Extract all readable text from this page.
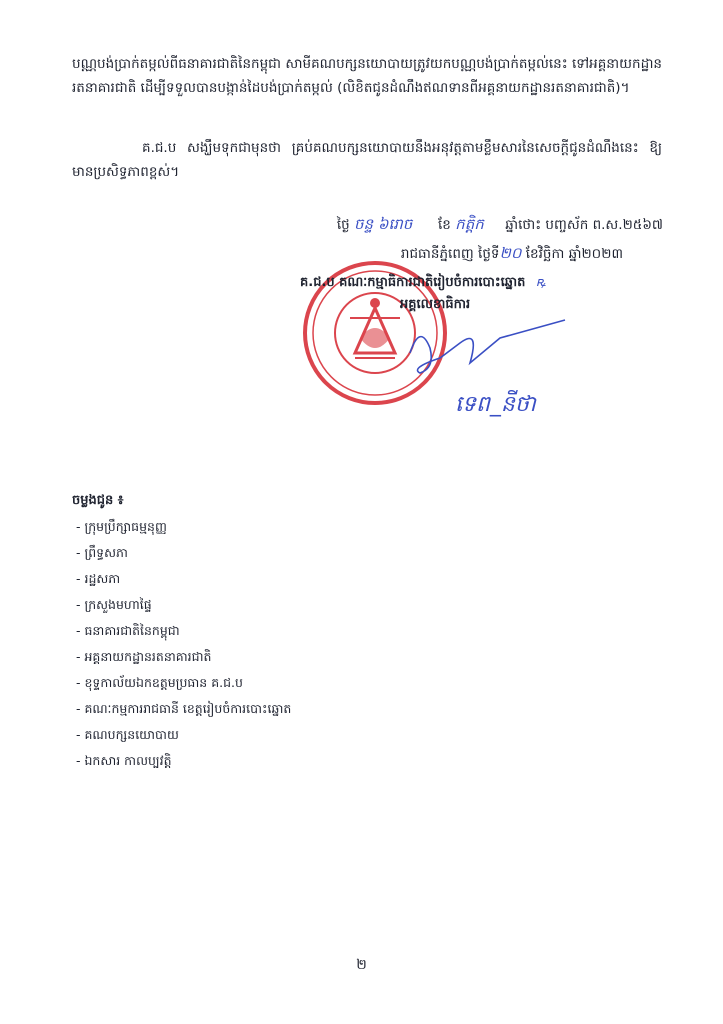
បណ្ណបង់ប្រាក់តម្កល់ពីធនាគារជាតិនៃកម្ពុជា សាមីគណបក្សនយោបាយត្រូវយកបណ្ណបង់ប្រាក់តម្កល់នេះ ទៅអគ្គនាយកដ្ឋានរតនាគារជាតិ ដើម្បីទទួលបានបង្កាន់ដៃបង់ប្រាក់តម្កល់ (លិខិតជូនដំណឹងឥណទានពីអគ្គនាយកដ្ឋានរតនាគារជាតិ)។

គ.ជ.ប សង្ឃឹមទុកជាមុនថា គ្រប់គណបក្សនយោបាយនឹងអនុវត្តតាមខ្លឹមសារនៃសេចក្តីជូនដំណឹងនេះ ឱ្យមានប្រសិទ្ធភាពខ្ពស់។

ថ្ងៃ ចន្ទ ៦រោច ខែ កត្តិក ឆ្នាំថោះ បញ្ចស័ក ព.ស.២៥៦៧
រាជធានីភ្នំពេញ ថ្ងៃទី២០ ខែវិច្ឆិកា ឆ្នាំ២០២៣
គ.ជ.ប គណៈកម្មាធិការជាតិរៀបចំការបោះឆ្នោត ꝶ
អគ្គលេខាធិការ
ទេព_នីថា
ចម្លងជូន ៖
- ក្រុមប្រឹក្សាធម្មនុញ្ញ
- ព្រឹទ្ធសភា
- រដ្ឋសភា
- ក្រសួងមហាផ្ទៃ
- ធនាគារជាតិនៃកម្ពុជា
- អគ្គនាយកដ្ឋានរតនាគារជាតិ
- ខុទ្ទកាល័យឯកឧត្តមប្រធាន គ.ជ.ប
- គណៈកម្មការរាជធានី ខេត្តរៀបចំការបោះឆ្នោត
- គណបក្សនយោបាយ
- ឯកសារ កាលប្បវត្តិ
២
